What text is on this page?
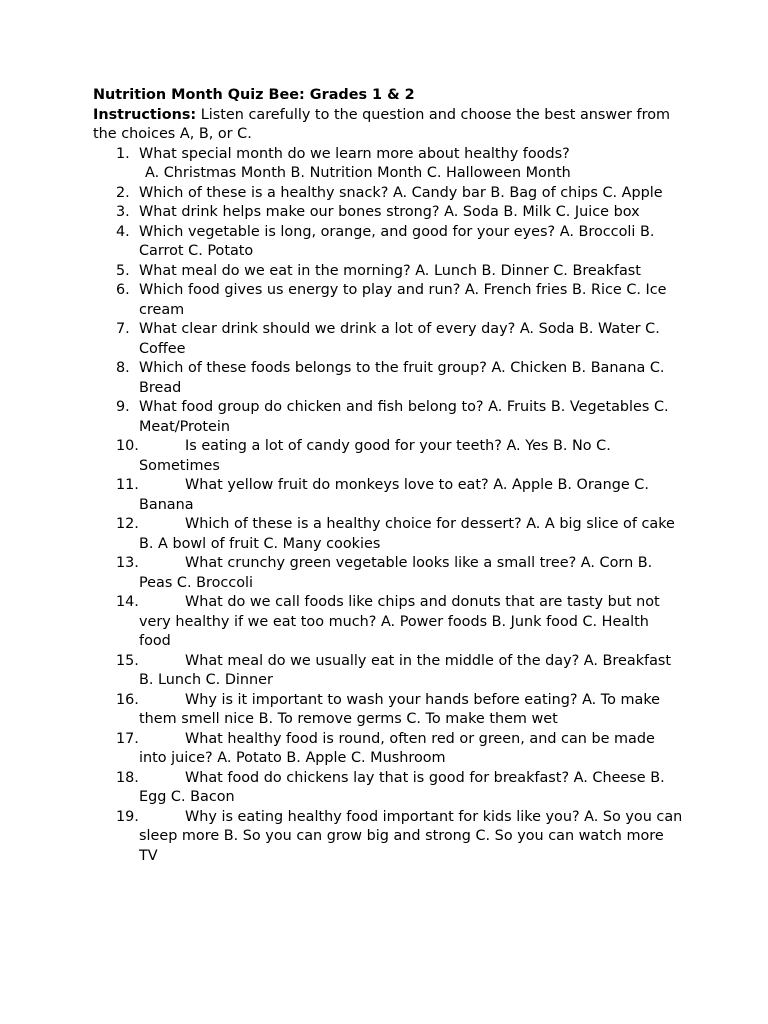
Nutrition Month Quiz Bee: Grades 1 & 2

Instructions: Listen carefully to the question and choose the best answer from the choices A, B, or C.

1. What special month do we learn more about healthy foods?
A. Christmas Month B. Nutrition Month C. Halloween Month
2. Which of these is a healthy snack? A. Candy bar B. Bag of chips C. Apple
3. What drink helps make our bones strong? A. Soda B. Milk C. Juice box
4. Which vegetable is long, orange, and good for your eyes? A. Broccoli B. Carrot C. Potato
5. What meal do we eat in the morning? A. Lunch B. Dinner C. Breakfast
6. Which food gives us energy to play and run? A. French fries B. Rice C. Ice cream
7. What clear drink should we drink a lot of every day? A. Soda B. Water C. Coffee
8. Which of these foods belongs to the fruit group? A. Chicken B. Banana C. Bread
9. What food group do chicken and fish belong to? A. Fruits B. Vegetables C. Meat/Protein
10.	Is eating a lot of candy good for your teeth? A. Yes B. No C. Sometimes
11.	What yellow fruit do monkeys love to eat? A. Apple B. Orange C. Banana
12.	Which of these is a healthy choice for dessert? A. A big slice of cake B. A bowl of fruit C. Many cookies
13.	What crunchy green vegetable looks like a small tree? A. Corn B. Peas C. Broccoli
14.	What do we call foods like chips and donuts that are tasty but not very healthy if we eat too much? A. Power foods B. Junk food C. Health food
15.	What meal do we usually eat in the middle of the day? A. Breakfast B. Lunch C. Dinner
16.	Why is it important to wash your hands before eating? A. To make them smell nice B. To remove germs C. To make them wet
17.	What healthy food is round, often red or green, and can be made into juice? A. Potato B. Apple C. Mushroom
18.	What food do chickens lay that is good for breakfast? A. Cheese B. Egg C. Bacon
19.	Why is eating healthy food important for kids like you? A. So you can sleep more B. So you can grow big and strong C. So you can watch more TV
